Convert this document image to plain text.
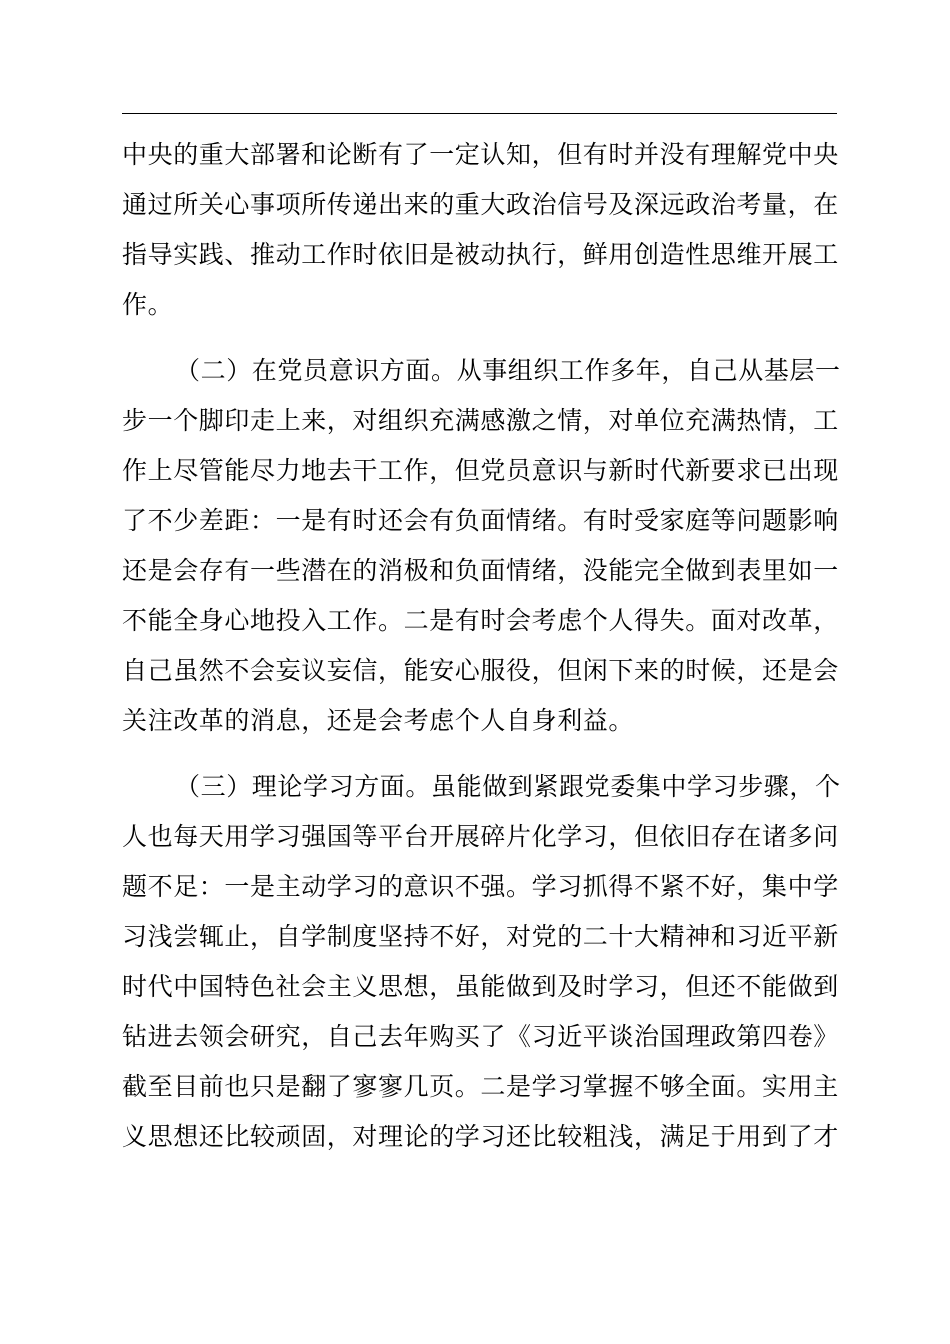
中央的重大部署和论断有了一定认知，但有时并没有理解党中央
通过所关心事项所传递出来的重大政治信号及深远政治考量，在
指导实践、推动工作时依旧是被动执行，鲜用创造性思维开展工
作。
（二）在党员意识方面。从事组织工作多年，自己从基层一
步一个脚印走上来，对组织充满感激之情，对单位充满热情，工
作上尽管能尽力地去干工作，但党员意识与新时代新要求已出现
了不少差距：一是有时还会有负面情绪。有时受家庭等问题影响
还是会存有一些潜在的消极和负面情绪，没能完全做到表里如一
不能全身心地投入工作。二是有时会考虑个人得失。面对改革，
自己虽然不会妄议妄信，能安心服役，但闲下来的时候，还是会
关注改革的消息，还是会考虑个人自身利益。
（三）理论学习方面。虽能做到紧跟党委集中学习步骤，个
人也每天用学习强国等平台开展碎片化学习，但依旧存在诸多问
题不足：一是主动学习的意识不强。学习抓得不紧不好，集中学
习浅尝辄止，自学制度坚持不好，对党的二十大精神和习近平新
时代中国特色社会主义思想，虽能做到及时学习，但还不能做到
钻进去领会研究，自己去年购买了《习近平谈治国理政第四卷》
截至目前也只是翻了寥寥几页。二是学习掌握不够全面。实用主
义思想还比较顽固，对理论的学习还比较粗浅，满足于用到了才
